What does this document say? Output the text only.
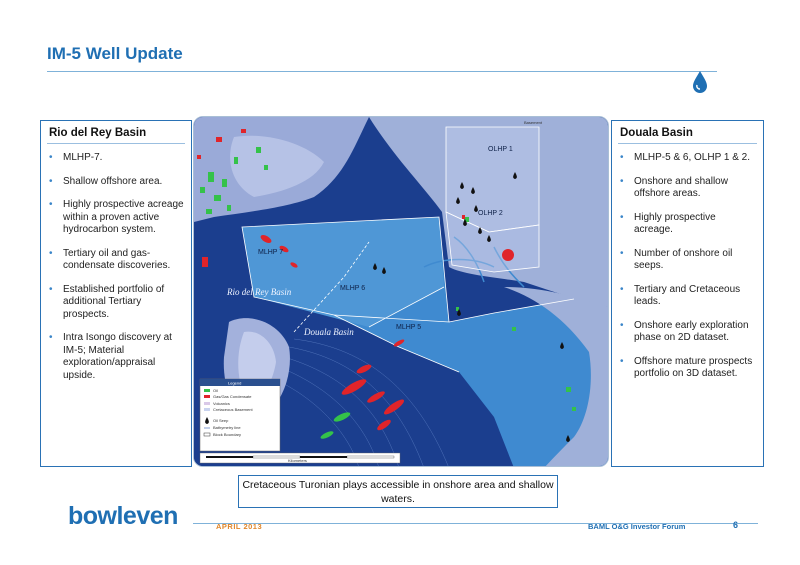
IM-5 Well Update
Rio del Rey Basin
• MLHP-7.
• Shallow offshore area.
• Highly prospective acreage within a proven active hydrocarbon system.
• Tertiary oil and gas-condensate discoveries.
• Established portfolio of additional Tertiary prospects.
• Intra Isongo discovery at IM-5; Material exploration/appraisal upside.
Basement
OLHP 1
OLHP 2
MLHP 7
MLHP 6
MLHP 5
Rio del Rey Basin
Douala Basin
Legend
Oil
Gas/Gas Condensate
Volcanics
Cretaceous Basement
Oil Seep
Bathymetry line
Block Boundary
Kilometers
Douala Basin
• MLHP-5 & 6, OLHP 1 & 2.
• Onshore and shallow offshore areas.
• Highly prospective acreage.
• Number of onshore oil seeps.
• Tertiary and Cretaceous leads.
• Onshore early exploration phase on 2D dataset.
• Offshore mature prospects portfolio on 3D dataset.
Cretaceous Turonian plays accessible in onshore area and shallow waters.
bowleven	APRIL 2013	BAML O&G Investor Forum	6
